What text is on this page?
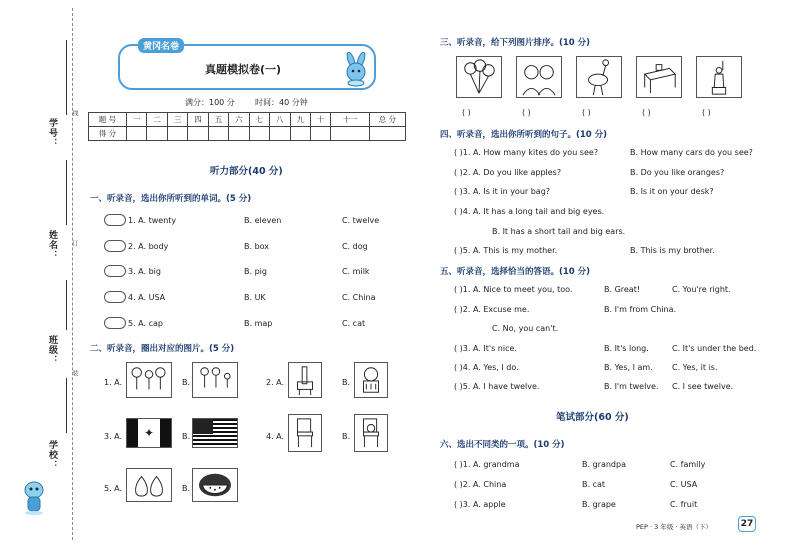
线
订
装
学号：
姓名：
班级：
学校：
黄冈名卷
真题模拟卷(一)
满分：100 分	时间：40 分钟
题 号	一	二	三	四	五	六	七	八	九	十	十一	总 分
得 分												
听力部分(40 分)
一、听录音，选出你所听到的单词。(5 分)
1. A. twenty	B. eleven	C. twelve
2. A. body	B. box	C. dog
3. A. big	B. pig	C. milk
4. A. USA	B. UK	C. China
5. A. cap	B. map	C. cat
二、听录音，圈出对应的图片。(5 分)
1. A.	B.	2. A.	B.
3. A. ✦	B.	4. A.	B.
5. A.	B.
三、听录音，给下列图片排序。(10 分)
( )	( )	( )	( )	( )
四、听录音，选出你所听到的句子。(10 分)
( )1. A. How many kites do you see?	B. How many cars do you see?
( )2. A. Do you like apples?	B. Do you like oranges?
( )3. A. Is it in your bag?	B. Is it on your desk?
( )4. A. It has a long tail and big eyes.
B. It has a short tail and big ears.
( )5. A. This is my mother.	B. This is my brother.
五、听录音，选择恰当的答语。(10 分)
( )1. A. Nice to meet you, too.	B. Great!	C. You're right.
( )2. A. Excuse me.	B. I'm from China.
C. No, you can't.
( )3. A. It's nice.	B. It's long.	C. It's under the bed.
( )4. A. Yes, I do.	B. Yes, I am. C. Yes, it is.
( )5. A. I have twelve.	B. I'm twelve. C. I see twelve.
笔试部分(60 分)
六、选出不同类的一项。(10 分)
( )1. A. grandma	B. grandpa	C. family
( )2. A. China	B. cat	C. USA
( )3. A. apple	B. grape	C. fruit
PEP · 3 年级 · 英语（下）	27
